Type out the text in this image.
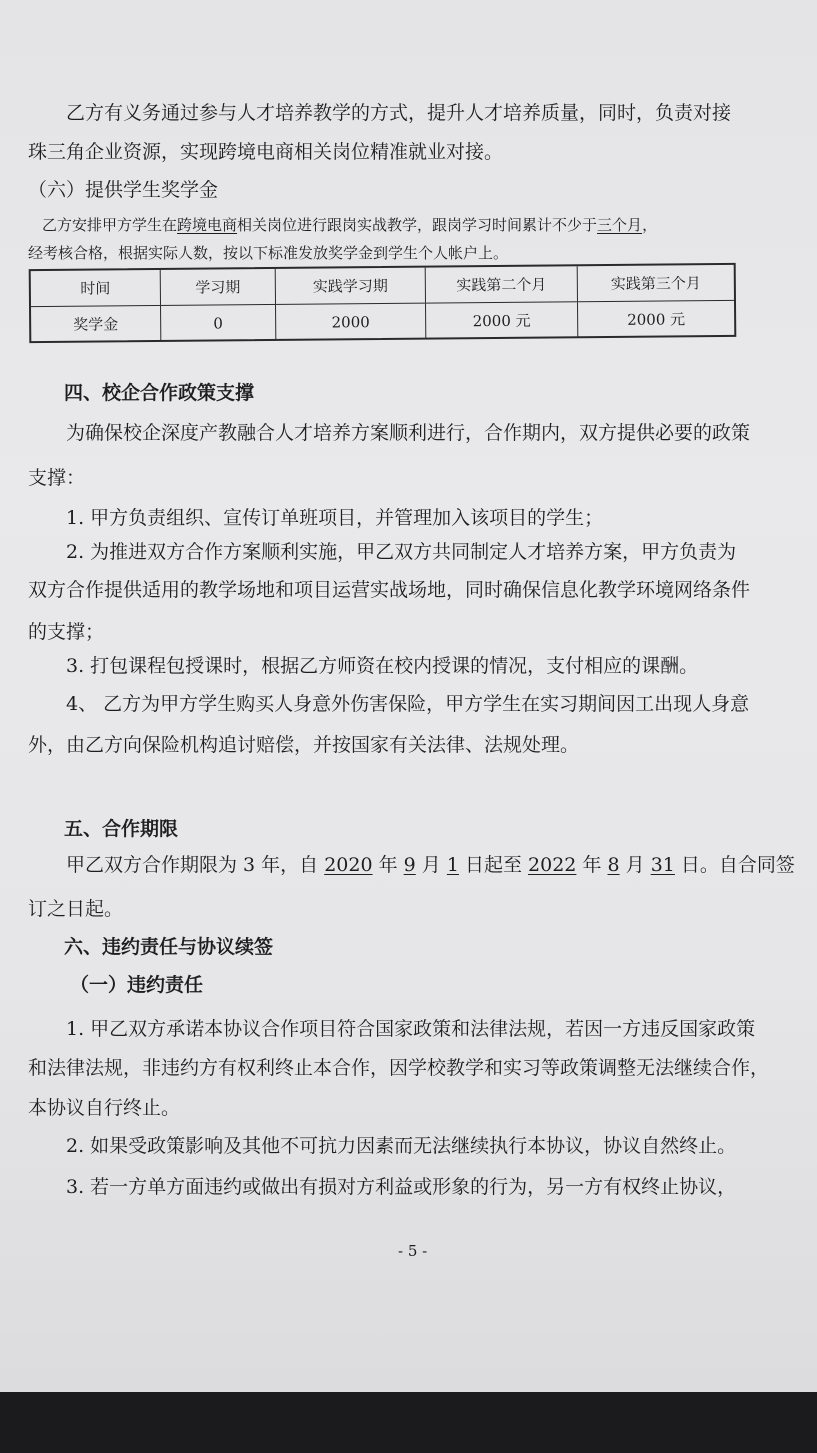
乙方有义务通过参与人才培养教学的方式，提升人才培养质量，同时，负责对接
珠三角企业资源，实现跨境电商相关岗位精准就业对接。
（六）提供学生奖学金
乙方安排甲方学生在跨境电商相关岗位进行跟岗实战教学，跟岗学习时间累计不少于三个月，
经考核合格，根据实际人数，按以下标准发放奖学金到学生个人帐户上。
时间	学习期	实践学习期	实践第二个月	实践第三个月
奖学金	0	2000	2000 元	2000 元
四、校企合作政策支撑
为确保校企深度产教融合人才培养方案顺利进行，合作期内，双方提供必要的政策
支撑：
1. 甲方负责组织、宣传订单班项目，并管理加入该项目的学生；
2. 为推进双方合作方案顺利实施，甲乙双方共同制定人才培养方案，甲方负责为
双方合作提供适用的教学场地和项目运营实战场地，同时确保信息化教学环境网络条件
的支撑；
3. 打包课程包授课时，根据乙方师资在校内授课的情况，支付相应的课酬。
4、 乙方为甲方学生购买人身意外伤害保险，甲方学生在实习期间因工出现人身意
外，由乙方向保险机构追讨赔偿，并按国家有关法律、法规处理。
五、合作期限
甲乙双方合作期限为 3 年，自 2020 年 9 月 1 日起至 2022 年 8 月 31 日。自合同签
订之日起。
六、违约责任与协议续签
（一）违约责任
1. 甲乙双方承诺本协议合作项目符合国家政策和法律法规，若因一方违反国家政策
和法律法规，非违约方有权利终止本合作，因学校教学和实习等政策调整无法继续合作，
本协议自行终止。
2. 如果受政策影响及其他不可抗力因素而无法继续执行本协议，协议自然终止。
3. 若一方单方面违约或做出有损对方利益或形象的行为，另一方有权终止协议，
- 5 -
